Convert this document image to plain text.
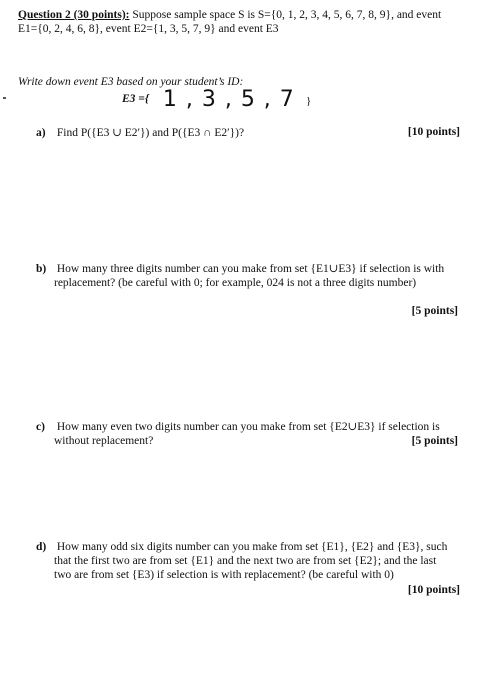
Question 2 (30 points): Suppose sample space S is S={0, 1, 2, 3, 4, 5, 6, 7, 8, 9}, and event
E1={0, 2, 4, 6, 8}, event E2={1, 3, 5, 7, 9} and event E3
Write down event E3 based on your student’s ID:
E3 ={ 1 , 3 , 5 , 7 }
a) Find P({E3 ∪ E2′}) and P({E3 ∩ E2′})?	[10 points]
b) How many three digits number can you make from set {E1∪E3} if selection is with
replacement? (be careful with 0; for example, 024 is not a three digits number)
[5 points]
c) How many even two digits number can you make from set {E2∪E3} if selection is
without replacement?	[5 points]
d) How many odd six digits number can you make from set {E1}, {E2} and {E3}, such
that the first two are from set {E1} and the next two are from set {E2}; and the last
two are from set {E3) if selection is with replacement? (be careful with 0)
[10 points]
